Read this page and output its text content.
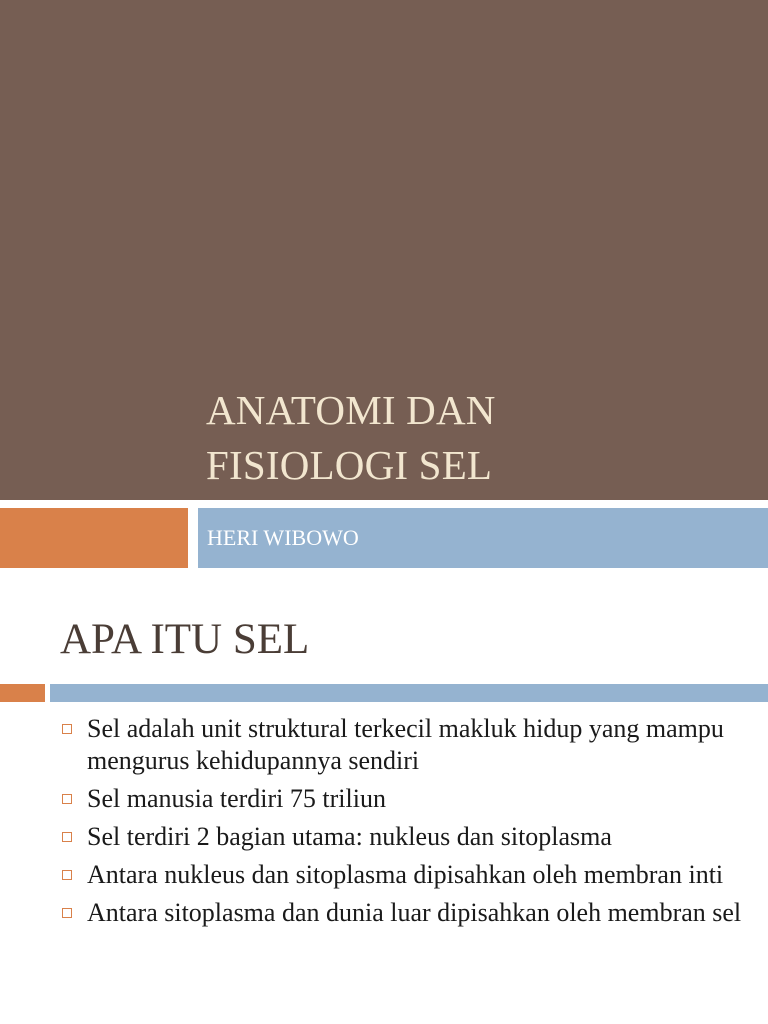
ANATOMI DAN
FISIOLOGI SEL
HERI WIBOWO
APA ITU SEL
Sel adalah unit struktural terkecil makluk hidup yang mampu mengurus kehidupannya sendiri
Sel manusia terdiri 75 triliun
Sel terdiri 2 bagian utama: nukleus dan sitoplasma
Antara nukleus dan sitoplasma dipisahkan oleh membran inti
Antara sitoplasma dan dunia luar dipisahkan oleh membran sel
